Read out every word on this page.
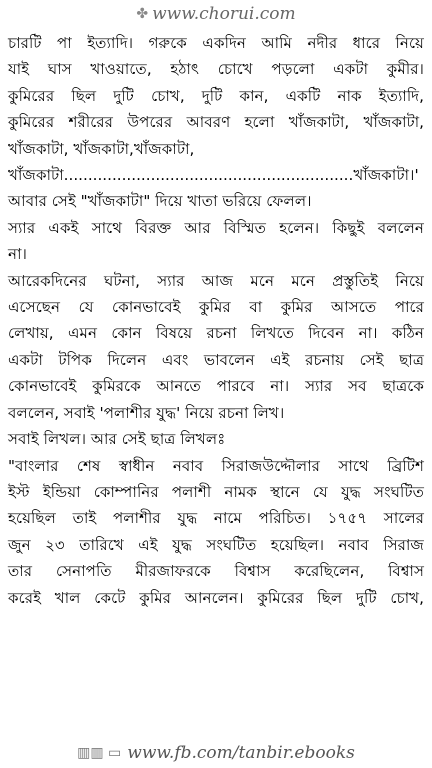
✤ www.chorui.com
চারটি পা ইত্যাদি। গরুকে একদিন আমি নদীর ধারে নিয়ে
যাই ঘাস খাওয়াতে, হঠাৎ চোখে পড়লো একটা কুমীর।
কুমিরের ছিল দুটি চোখ, দুটি কান, একটি নাক ইত্যাদি,
কুমিরের শরীরের উপরের আবরণ হলো খাঁজকাটা, খাঁজকাটা,
খাঁজকাটা, খাঁজকাটা,খাঁজকাটা,
খাঁজকাটা............................................................খাঁজকাটা।'
আবার সেই "খাঁজকাটা" দিয়ে খাতা ভরিয়ে ফেলল।
স্যার একই সাথে বিরক্ত আর বিস্মিত হলেন। কিছুই বললেন
না।
আরেকদিনের ঘটনা, স্যার আজ মনে মনে প্রস্তুতিই নিয়ে
এসেছেন যে কোনভাবেই কুমির বা কুমির আসতে পারে
লেখায়, এমন কোন বিষয়ে রচনা লিখতে দিবেন না। কঠিন
একটা টপিক দিলেন এবং ভাবলেন এই রচনায় সেই ছাত্র
কোনভাবেই কুমিরকে আনতে পারবে না। স্যার সব ছাত্রকে
বললেন, সবাই 'পলাশীর যুদ্ধ' নিয়ে রচনা লিখ।
সবাই লিখল। আর সেই ছাত্র লিখলঃ
"বাংলার শেষ স্বাধীন নবাব সিরাজউদ্দৌলার সাথে ব্রিটিশ
ইস্ট ইন্ডিয়া কোম্পানির পলাশী নামক স্থানে যে যুদ্ধ সংঘটিত
হয়েছিল তাই পলাশীর যুদ্ধ নামে পরিচিত। ১৭৫৭ সালের
জুন ২৩ তারিখে এই যুদ্ধ সংঘটিত হয়েছিল। নবাব সিরাজ
তার সেনাপতি মীরজাফরকে বিশ্বাস করেছিলেন, বিশ্বাস
করেই খাল কেটে কুমির আনলেন। কুমিরের ছিল দুটি চোখ,
▥▥ ▭ www.fb.com/tanbir.ebooks
